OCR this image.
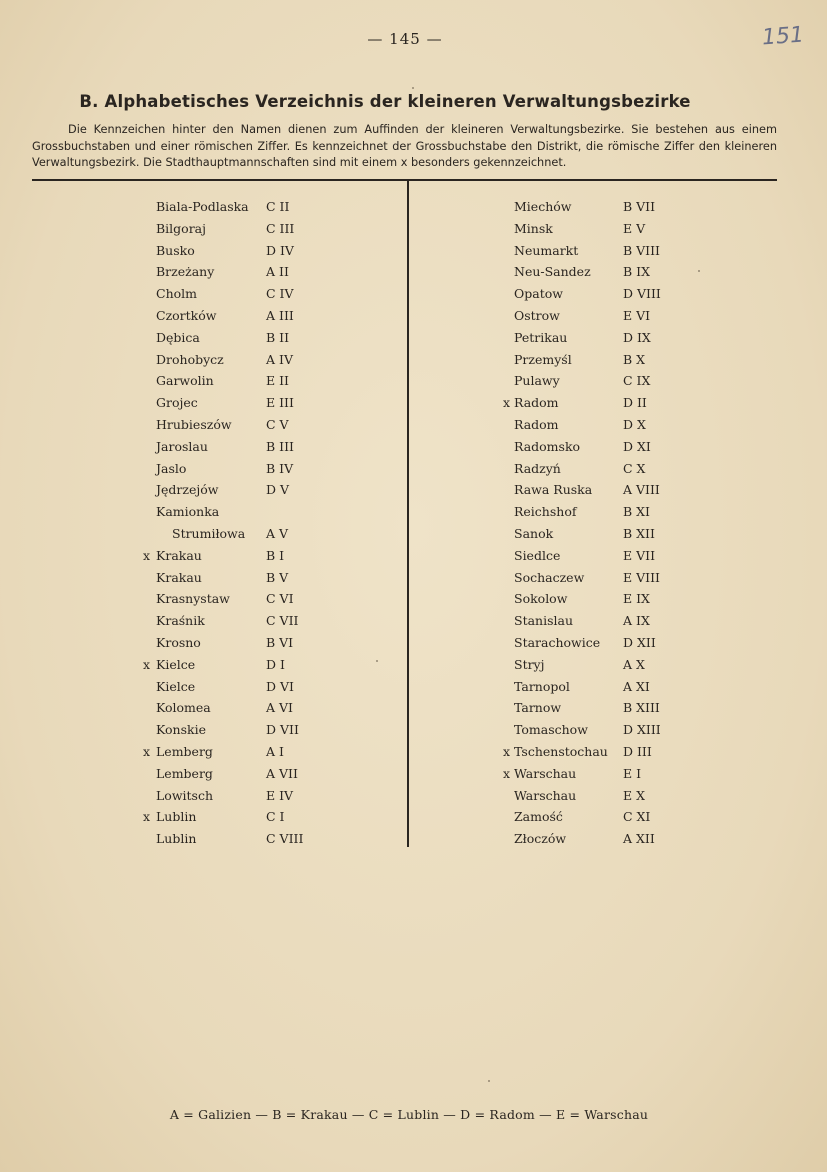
— 145 —	151
B. Alphabetisches Verzeichnis der kleineren Verwaltungsbezirke
Die Kennzeichen hinter den Namen dienen zum Auffinden der kleineren Verwaltungsbezirke. Sie bestehen aus einem Grossbuchstaben und einer römischen Ziffer. Es kennzeichnet der Grossbuchstabe den Distrikt, die römische Ziffer den kleineren Verwaltungsbezirk. Die Stadthauptmannschaften sind mit einem x besonders gekennzeichnet.
Biala-Podlaska C II
Bilgoraj	C III
Busko	D IV
Brzeżany	A II
Cholm	C IV
Czortków	A III
Dębica	B II
Drohobycz	A IV
Garwolin	E II
Grojec	E III
Hrubieszów	C V
Jaroslau	B III
Jaslo	B IV
Jędrzejów	D V
Kamionka
Strumiłowa A V
x Krakau	B I
Krakau	B V
Krasnystaw	C VI
Kraśnik	C VII
Krosno	B VI
x Kielce	D I
Kielce	D VI
Kolomea	A VI
Konskie	D VII
x Lemberg	A I
Lemberg	A VII
Lowitsch	E IV
x Lublin	C I
Lublin	C VIII
Miechów	B VII
Minsk	E V
Neumarkt	B VIII
Neu-Sandez	B IX
Opatow	D VIII
Ostrow	E VI
Petrikau	D IX
Przemyśl	B X
Pulawy	C IX
x Radom	D II
Radom	D X
Radomsko	D XI
Radzyń	C X
Rawa Ruska A VIII
Reichshof	B XI
Sanok	B XII
Siedlce	E VII
Sochaczew	E VIII
Sokolow	E IX
Stanislau	A IX
Starachowice D XII
Stryj	A X
Tarnopol	A XI
Tarnow	B XIII
Tomaschow	D XIII
x Tschenstochau D III
x Warschau	E I
Warschau	E X
Zamość	C XI
Złoczów	A XII
A = Galizien — B = Krakau — C = Lublin — D = Radom — E = Warschau
